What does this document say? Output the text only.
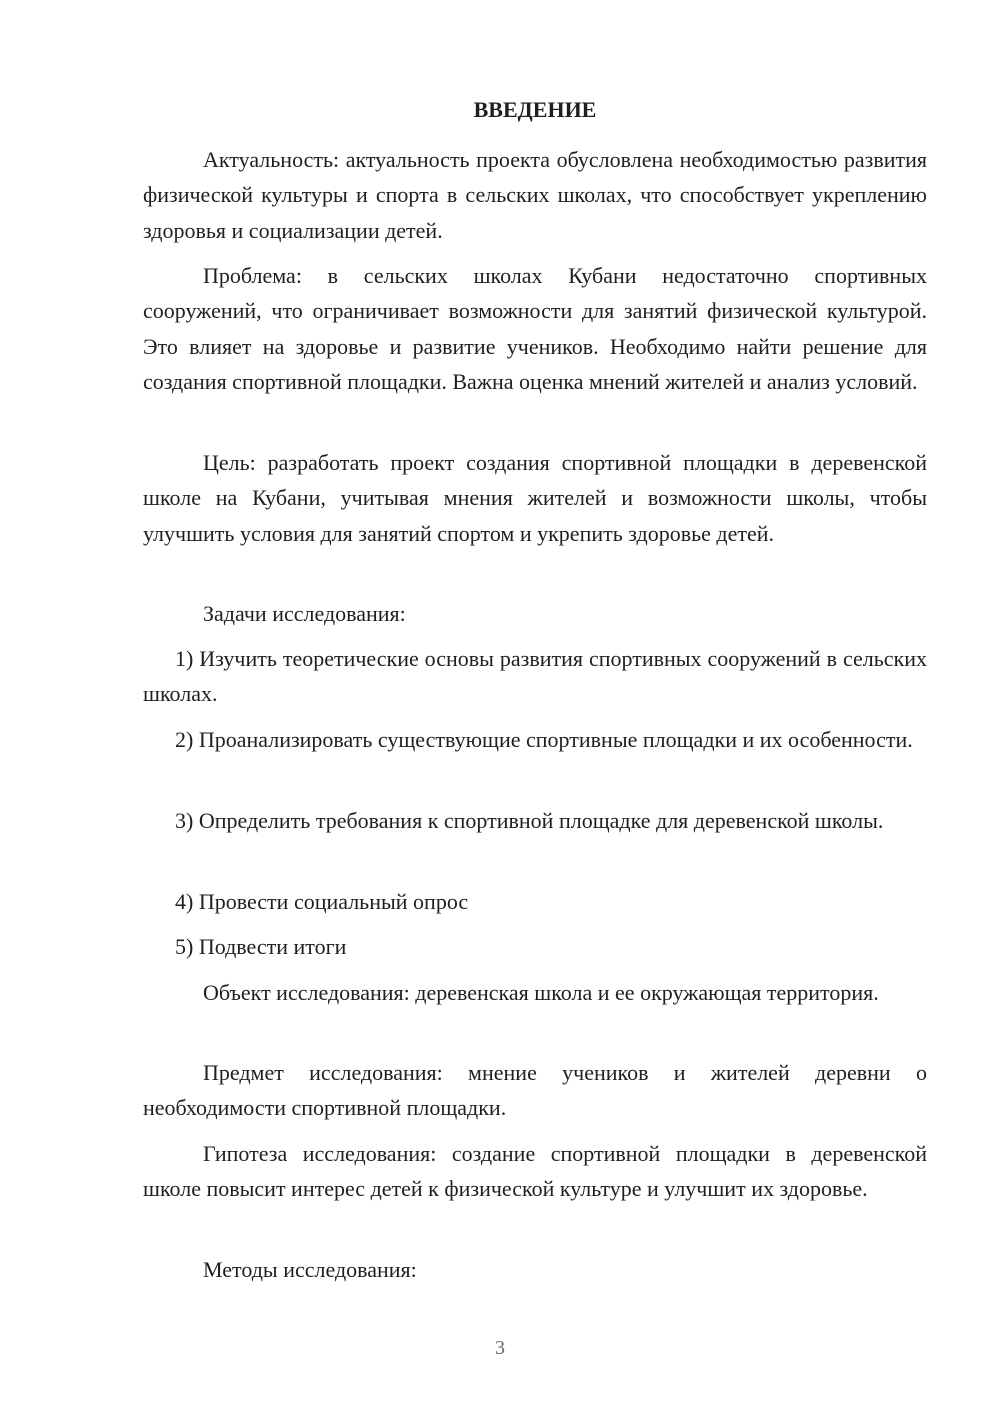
ВВЕДЕНИЕ

Актуальность: актуальность проекта обусловлена необходимостью развития физической культуры и спорта в сельских школах, что способствует укреплению здоровья и социализации детей.

Проблема: в сельских школах Кубани недостаточно спортивных сооружений, что ограничивает возможности для занятий физической культурой. Это влияет на здоровье и развитие учеников. Необходимо найти решение для создания спортивной площадки. Важна оценка мнений жителей и анализ условий.

Цель: разработать проект создания спортивной площадки в деревенской школе на Кубани, учитывая мнения жителей и возможности школы, чтобы улучшить условия для занятий спортом и укрепить здоровье детей.

Задачи исследования:

1) Изучить теоретические основы развития спортивных сооружений в сельских школах.

2) Проанализировать существующие спортивные площадки и их особенности.

3) Определить требования к спортивной площадке для деревенской школы.

4) Провести социальный опрос

5) Подвести итоги

Объект исследования: деревенская школа и ее окружающая территория.

Предмет исследования: мнение учеников и жителей деревни о необходимости спортивной площадки.

Гипотеза исследования: создание спортивной площадки в деревенской школе повысит интерес детей к физической культуре и улучшит их здоровье.

Методы исследования:

3
